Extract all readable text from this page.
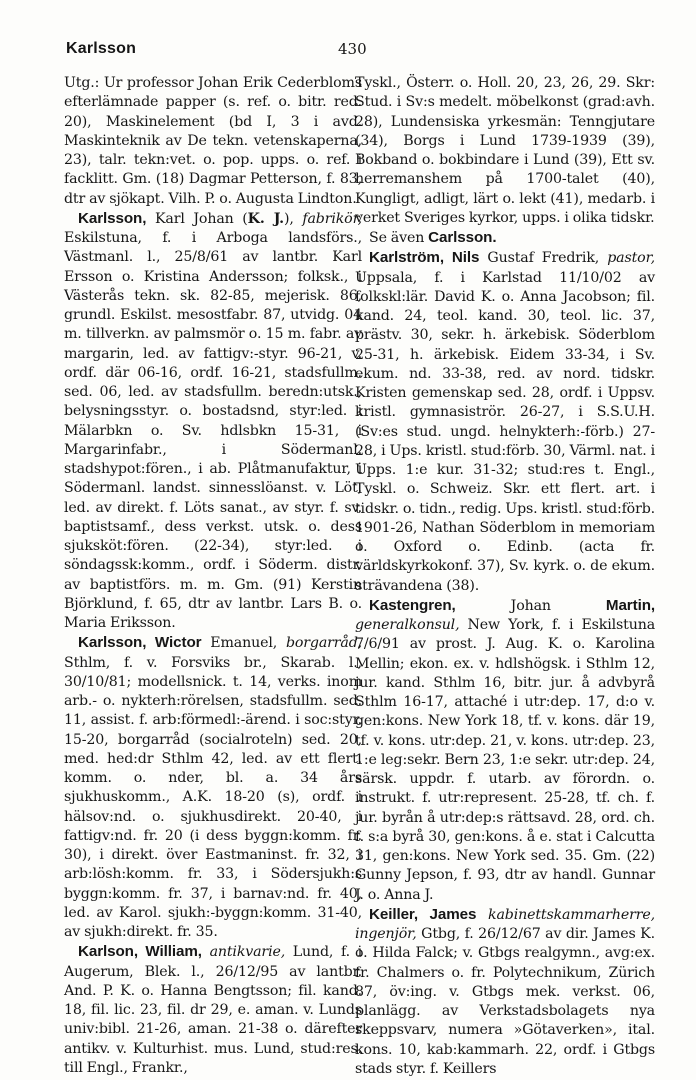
Karlsson	430

Utg.: Ur professor Johan Erik Cederbloms efterlämnade papper (s. ref. o. bitr. red. 20), Maskinelement (bd I, 3 i avd. Maskinteknik av De tekn. vetenskaperna, 23), talr. tekn:vet. o. pop. upps. o. ref. i facklitt. Gm. (18) Dagmar Petterson, f. 83, dtr av sjökapt. Vilh. P. o. Augusta Lindton.

Karlsson, Karl Johan (K. J.), fabrikör, Eskilstuna, f. i Arboga landsförs., Västmanl. l., 25/8/61 av lantbr. Karl Ersson o. Kristina Andersson; folksk., i Västerås tekn. sk. 82-85, mejerisk. 86, grundl. Eskilst. mesostfabr. 87, utvidg. 04 m. tillverkn. av palmsmör o. 15 m. fabr. av margarin, led. av fattigv:-styr. 96-21, v. ordf. där 06-16, ordf. 16-21, stadsfullm. sed. 06, led. av stadsfullm. beredn:utsk., belysningsstyr. o. bostadsnd, styr:led. i Mälarbkn o. Sv. hdlsbkn 15-31, i Margarinfabr., i Södermanl. stadshypot:fören., i ab. Plåtmanufaktur, i Södermanl. landst. sinnesslöanst. v. Löt, led. av direkt. f. Löts sanat., av styr. f. sv. baptistsamf., dess verkst. utsk. o. dess sjuksköt:fören. (22-34), styr:led. i söndagssk:komm., ordf. i Söderm. distr. av baptistförs. m. m. Gm. (91) Kerstin Björklund, f. 65, dtr av lantbr. Lars B. o. Maria Eriksson.

Karlsson, Wictor Emanuel, borgarråd, Sthlm, f. v. Forsviks br., Skarab. l., 30/10/81; modellsnick. t. 14, verks. inom arb.- o. nykterh:rörelsen, stadsfullm. sed. 11, assist. f. arb:förmedl:-ärend. i soc:styr. 15-20, borgarråd (socialroteln) sed. 20, med. hed:dr Sthlm 42, led. av ett flert. komm. o. nder, bl. a. 34 års sjukhuskomm., A.K. 18-20 (s), ordf. i hälsov:nd. o. sjukhusdirekt. 20-40, i fattigv:nd. fr. 20 (i dess byggn:komm. fr. 30), i direkt. över Eastmaninst. fr. 32, i arb:lösh:komm. fr. 33, i Södersjukh:s byggn:komm. fr. 37, i barnav:nd. fr. 40, led. av Karol. sjukh:-byggn:komm. 31-40, av sjukh:direkt. fr. 35.

Karlson, William, antikvarie, Lund, f. i Augerum, Blek. l., 26/12/95 av lantbr. And. P. K. o. Hanna Bengtsson; fil. kand. 18, fil. lic. 23, fil. dr 29, e. aman. v. Lunds univ:bibl. 21-26, aman. 21-38 o. därefter antikv. v. Kulturhist. mus. Lund, stud:res. till Engl., Frankr.,

Tyskl., Österr. o. Holl. 20, 23, 26, 29. Skr: Stud. i Sv:s medelt. möbelkonst (grad:avh. 28), Lundensiska yrkesmän: Tenngjutare (34), Borgs i Lund 1739-1939 (39), Bokband o. bokbindare i Lund (39), Ett sv. herremanshem på 1700-talet (40), Kungligt, adligt, lärt o. lekt (41), medarb. i verket Sveriges kyrkor, upps. i olika tidskr.

Se även Carlsson.

Karlström, Nils Gustaf Fredrik, pastor, Uppsala, f. i Karlstad 11/10/02 av folkskl:lär. David K. o. Anna Jacobson; fil. kand. 24, teol. kand. 30, teol. lic. 37, prästv. 30, sekr. h. ärkebisk. Söderblom 25-31, h. ärkebisk. Eidem 33-34, i Sv. ekum. nd. 33-38, red. av nord. tidskr. Kristen gemenskap sed. 28, ordf. i Uppsv. kristl. gymnasiströr. 26-27, i S.S.U.H. (Sv:es stud. ungd. helnykterh:-förb.) 27-28, i Ups. kristl. stud:förb. 30, Värml. nat. i Upps. 1:e kur. 31-32; stud:res t. Engl., Tyskl. o. Schweiz. Skr. ett flert. art. i tidskr. o. tidn., redig. Ups. kristl. stud:förb. 1901-26, Nathan Söderblom in memoriam o. Oxford o. Edinb. (acta fr. världskyrkokonf. 37), Sv. kyrk. o. de ekum. strävandena (38).

Kastengren, Johan Martin, generalkonsul, New York, f. i Eskilstuna 7/6/91 av prost. J. Aug. K. o. Karolina Mellin; ekon. ex. v. hdlshögsk. i Sthlm 12, jur. kand. Sthlm 16, bitr. jur. å advbyrå Sthlm 16-17, attaché i utr:dep. 17, d:o v. gen:kons. New York 18, tf. v. kons. där 19, tf. v. kons. utr:dep. 21, v. kons. utr:dep. 23, 1:e leg:sekr. Bern 23, 1:e sekr. utr:dep. 24, särsk. uppdr. f. utarb. av förordn. o. instrukt. f. utr:represent. 25-28, tf. ch. f. jur. byrån å utr:dep:s rättsavd. 28, ord. ch. f. s:a byrå 30, gen:kons. å e. stat i Calcutta 31, gen:kons. New York sed. 35. Gm. (22) Gunny Jepson, f. 93, dtr av handl. Gunnar J. o. Anna J.

Keiller, James kabinettskammarherre, ingenjör, Gtbg, f. 26/12/67 av dir. James K. o. Hilda Falck; v. Gtbgs realgymn., avg:ex. fr. Chalmers o. fr. Polytechnikum, Zürich 87, öv:ing. v. Gtbgs mek. verkst. 06, planlägg. av Verkstadsbolagets nya skeppsvarv, numera »Götaverken», ital. kons. 10, kab:kammarh. 22, ordf. i Gtbgs stads styr. f. Keillers
